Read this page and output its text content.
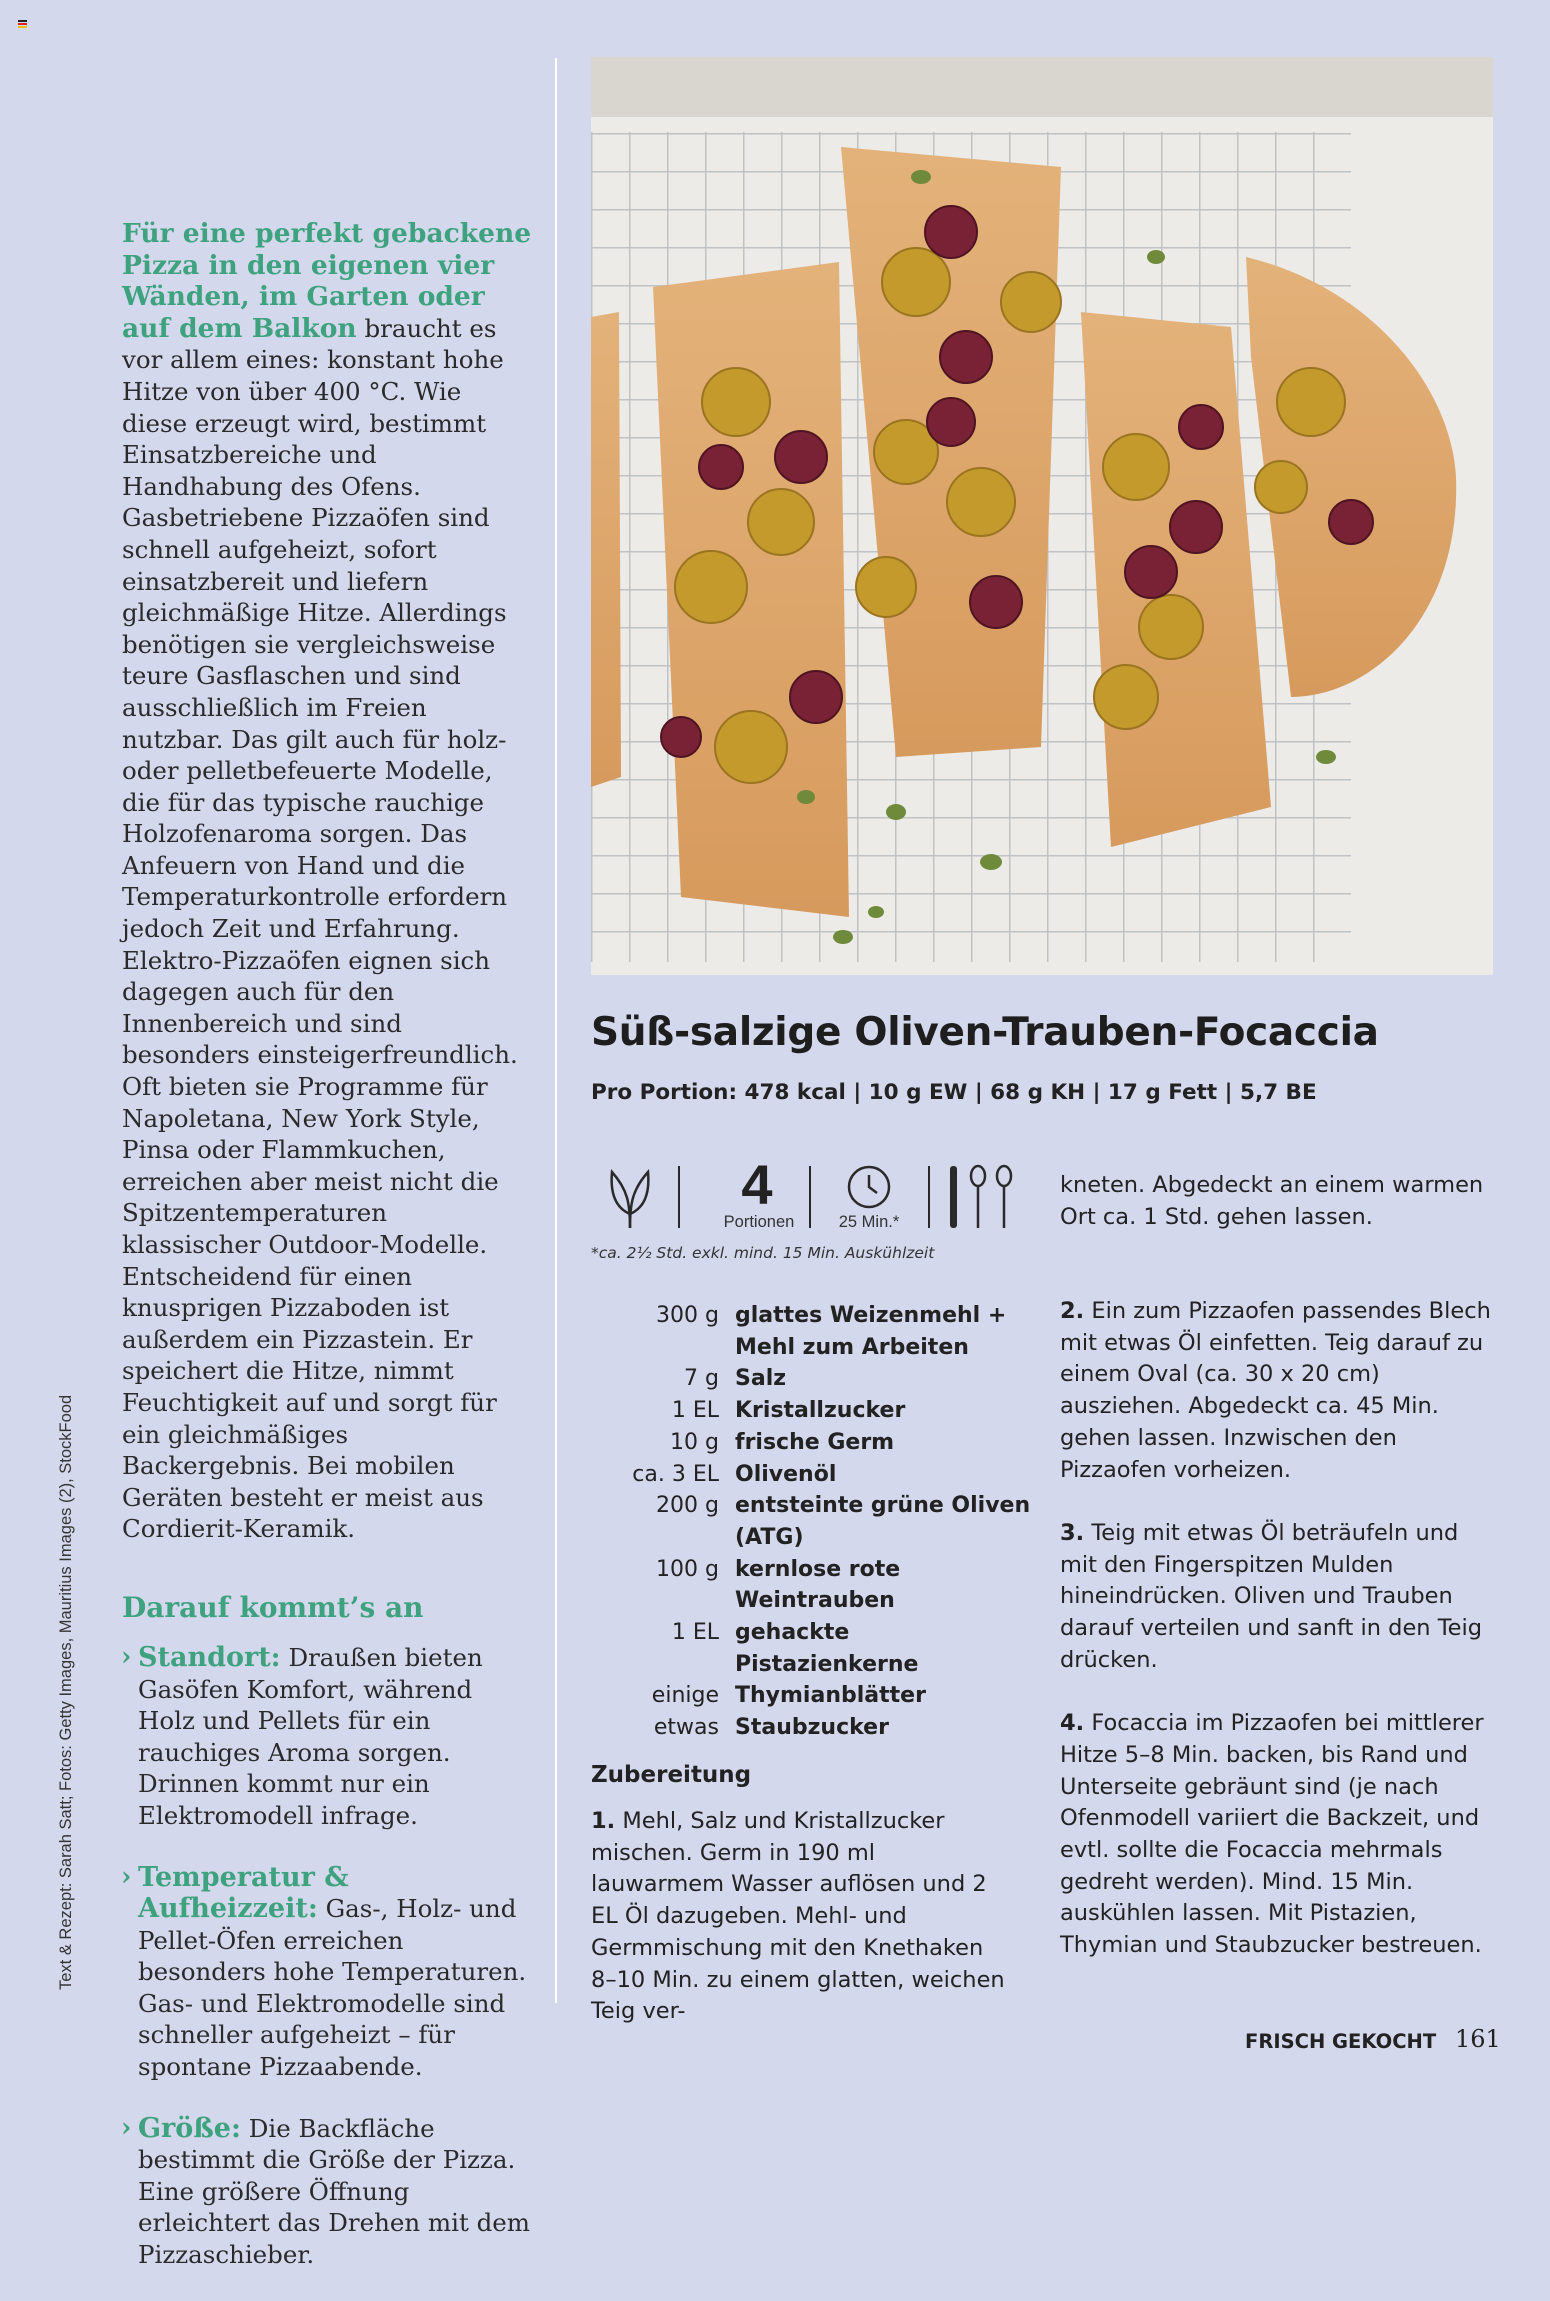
Für eine perfekt gebackene Pizza in den eigenen vier Wänden, im Garten oder auf dem Balkon braucht es vor allem eines: konstant hohe Hitze von über 400 °C. Wie diese erzeugt wird, bestimmt Einsatzbereiche und Handhabung des Ofens. Gasbetriebene Pizzaöfen sind schnell aufgeheizt, sofort einsatzbereit und liefern gleichmäßige Hitze. Allerdings benötigen sie vergleichsweise teure Gasflaschen und sind ausschließlich im Freien nutzbar. Das gilt auch für holz- oder pelletbefeuerte Modelle, die für das typische rauchige Holzofenaroma sorgen. Das Anfeuern von Hand und die Temperaturkontrolle erfordern jedoch Zeit und Erfahrung. Elektro-Pizzaöfen eignen sich dagegen auch für den Innenbereich und sind besonders einsteigerfreundlich. Oft bieten sie Programme für Napoletana, New York Style, Pinsa oder Flammkuchen, erreichen aber meist nicht die Spitzentemperaturen klassischer Outdoor-Modelle. Entscheidend für einen knusprigen Pizzaboden ist außerdem ein Pizzastein. Er speichert die Hitze, nimmt Feuchtigkeit auf und sorgt für ein gleichmäßiges Backergebnis. Bei mobilen Geräten besteht er meist aus Cordierit-Keramik.
Darauf kommt’s an
› Standort: Draußen bieten Gasöfen Komfort, während Holz und Pellets für ein rauchiges Aroma sorgen. Drinnen kommt nur ein Elektromodell infrage.
› Temperatur & Aufheizzeit: Gas-, Holz- und Pellet-Öfen erreichen besonders hohe Temperaturen. Gas- und Elektromodelle sind schneller aufgeheizt – für spontane Pizzaabende.
› Größe: Die Backfläche bestimmt die Größe der Pizza. Eine größere Öffnung erleichtert das Drehen mit dem Pizzaschieber.
Text & Rezept: Sarah Satt; Fotos: Getty Images, Mauritius Images (2), StockFood
Süß-salzige Oliven-Trauben-Focaccia
Pro Portion: 478 kcal | 10 g EW | 68 g KH | 17 g Fett | 5,7 BE
4
Portionen	25 Min.*
*ca. 2½ Std. exkl. mind. 15 Min. Auskühlzeit
300 g glattes Weizenmehl + Mehl zum Arbeiten
7 g Salz
1 EL Kristallzucker
10 g frische Germ
ca. 3 EL Olivenöl
200 g entsteinte grüne Oliven (ATG)
100 g kernlose rote Weintrauben
1 EL gehackte Pistazienkerne
einige Thymianblätter
etwas Staubzucker
Zubereitung
1. Mehl, Salz und Kristallzucker mischen. Germ in 190 ml lauwarmem Wasser auflösen und 2 EL Öl dazugeben. Mehl- und Germmischung mit den Knethaken 8–10 Min. zu einem glatten, weichen Teig ver-
kneten. Abgedeckt an einem warmen Ort ca. 1 Std. gehen lassen.
2. Ein zum Pizzaofen passendes Blech mit etwas Öl einfetten. Teig darauf zu einem Oval (ca. 30 x 20 cm) ausziehen. Abgedeckt ca. 45 Min. gehen lassen. Inzwischen den Pizzaofen vorheizen.
3. Teig mit etwas Öl beträufeln und mit den Fingerspitzen Mulden hineindrücken. Oliven und Trauben darauf verteilen und sanft in den Teig drücken.
4. Focaccia im Pizzaofen bei mittlerer Hitze 5–8 Min. backen, bis Rand und Unterseite gebräunt sind (je nach Ofenmodell variiert die Backzeit, und evtl. sollte die Focaccia mehrmals gedreht werden). Mind. 15 Min. auskühlen lassen. Mit Pistazien, Thymian und Staubzucker bestreuen.
FRISCH GEKOCHT 161
